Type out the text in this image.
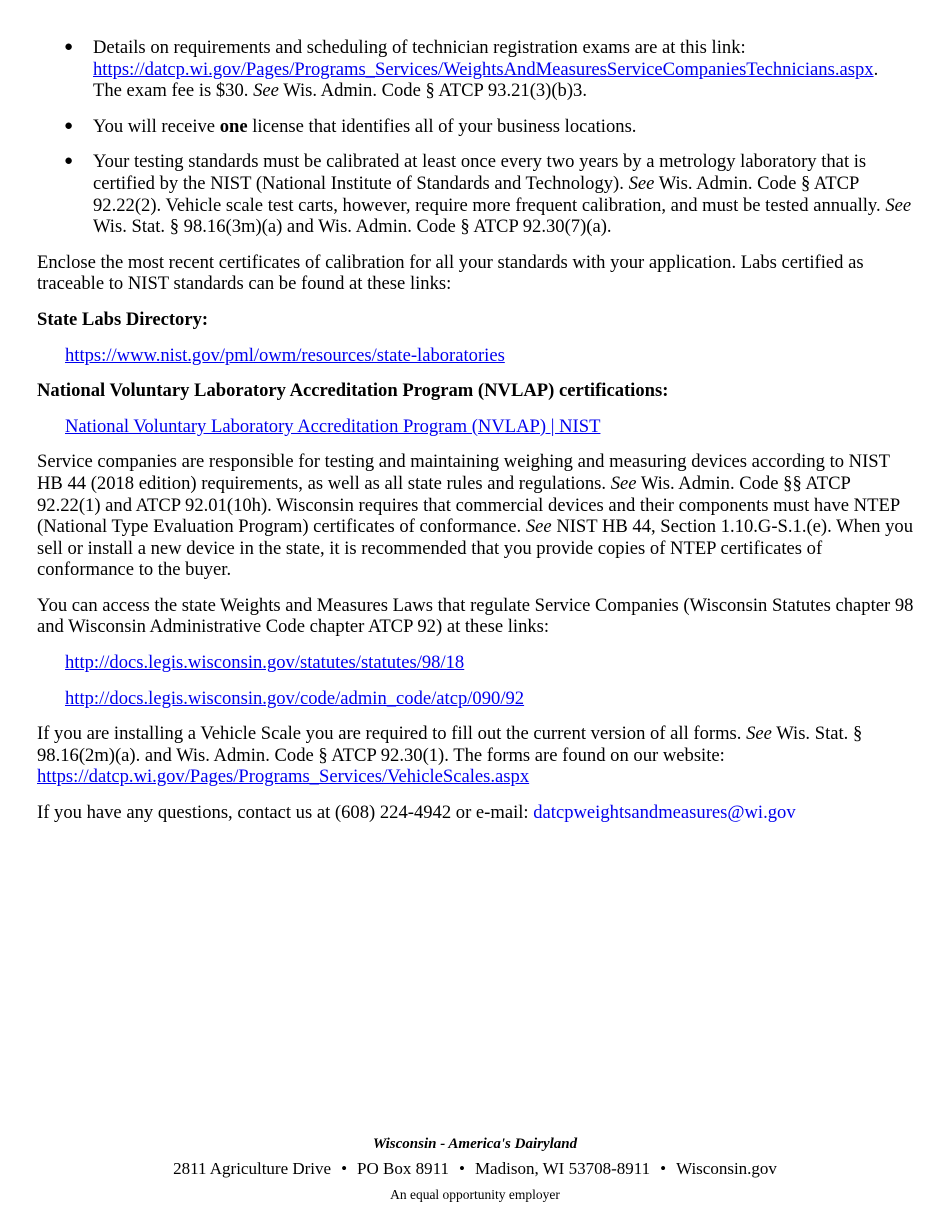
● Details on requirements and scheduling of technician registration exams are at this link:
https://datcp.wi.gov/Pages/Programs_Services/WeightsAndMeasuresServiceCompaniesTechnicians.aspx.
The exam fee is $30. See Wis. Admin. Code § ATCP 93.21(3)(b)3.
● You will receive one license that identifies all of your business locations.
● Your testing standards must be calibrated at least once every two years by a metrology laboratory that is certified by the NIST (National Institute of Standards and Technology). See Wis. Admin. Code § ATCP 92.22(2). Vehicle scale test carts, however, require more frequent calibration, and must be tested annually. See Wis. Stat. § 98.16(3m)(a) and Wis. Admin. Code § ATCP 92.30(7)(a).

Enclose the most recent certificates of calibration for all your standards with your application. Labs certified as traceable to NIST standards can be found at these links:

State Labs Directory:

https://www.nist.gov/pml/owm/resources/state-laboratories

National Voluntary Laboratory Accreditation Program (NVLAP) certifications:

National Voluntary Laboratory Accreditation Program (NVLAP) | NIST

Service companies are responsible for testing and maintaining weighing and measuring devices according to NIST HB 44 (2018 edition) requirements, as well as all state rules and regulations. See Wis. Admin. Code §§ ATCP 92.22(1) and ATCP 92.01(10h). Wisconsin requires that commercial devices and their components must have NTEP (National Type Evaluation Program) certificates of conformance. See NIST HB 44, Section 1.10.G-S.1.(e). When you sell or install a new device in the state, it is recommended that you provide copies of NTEP certificates of conformance to the buyer.

You can access the state Weights and Measures Laws that regulate Service Companies (Wisconsin Statutes chapter 98 and Wisconsin Administrative Code chapter ATCP 92) at these links:

http://docs.legis.wisconsin.gov/statutes/statutes/98/18

http://docs.legis.wisconsin.gov/code/admin_code/atcp/090/92

If you are installing a Vehicle Scale you are required to fill out the current version of all forms. See Wis. Stat. § 98.16(2m)(a). and Wis. Admin. Code § ATCP 92.30(1). The forms are found on our website:
https://datcp.wi.gov/Pages/Programs_Services/VehicleScales.aspx

If you have any questions, contact us at (608) 224-4942 or e-mail: datcpweightsandmeasures@wi.gov

Wisconsin - America's Dairyland
2811 Agriculture Drive • PO Box 8911 • Madison, WI 53708-8911 • Wisconsin.gov
An equal opportunity employer
